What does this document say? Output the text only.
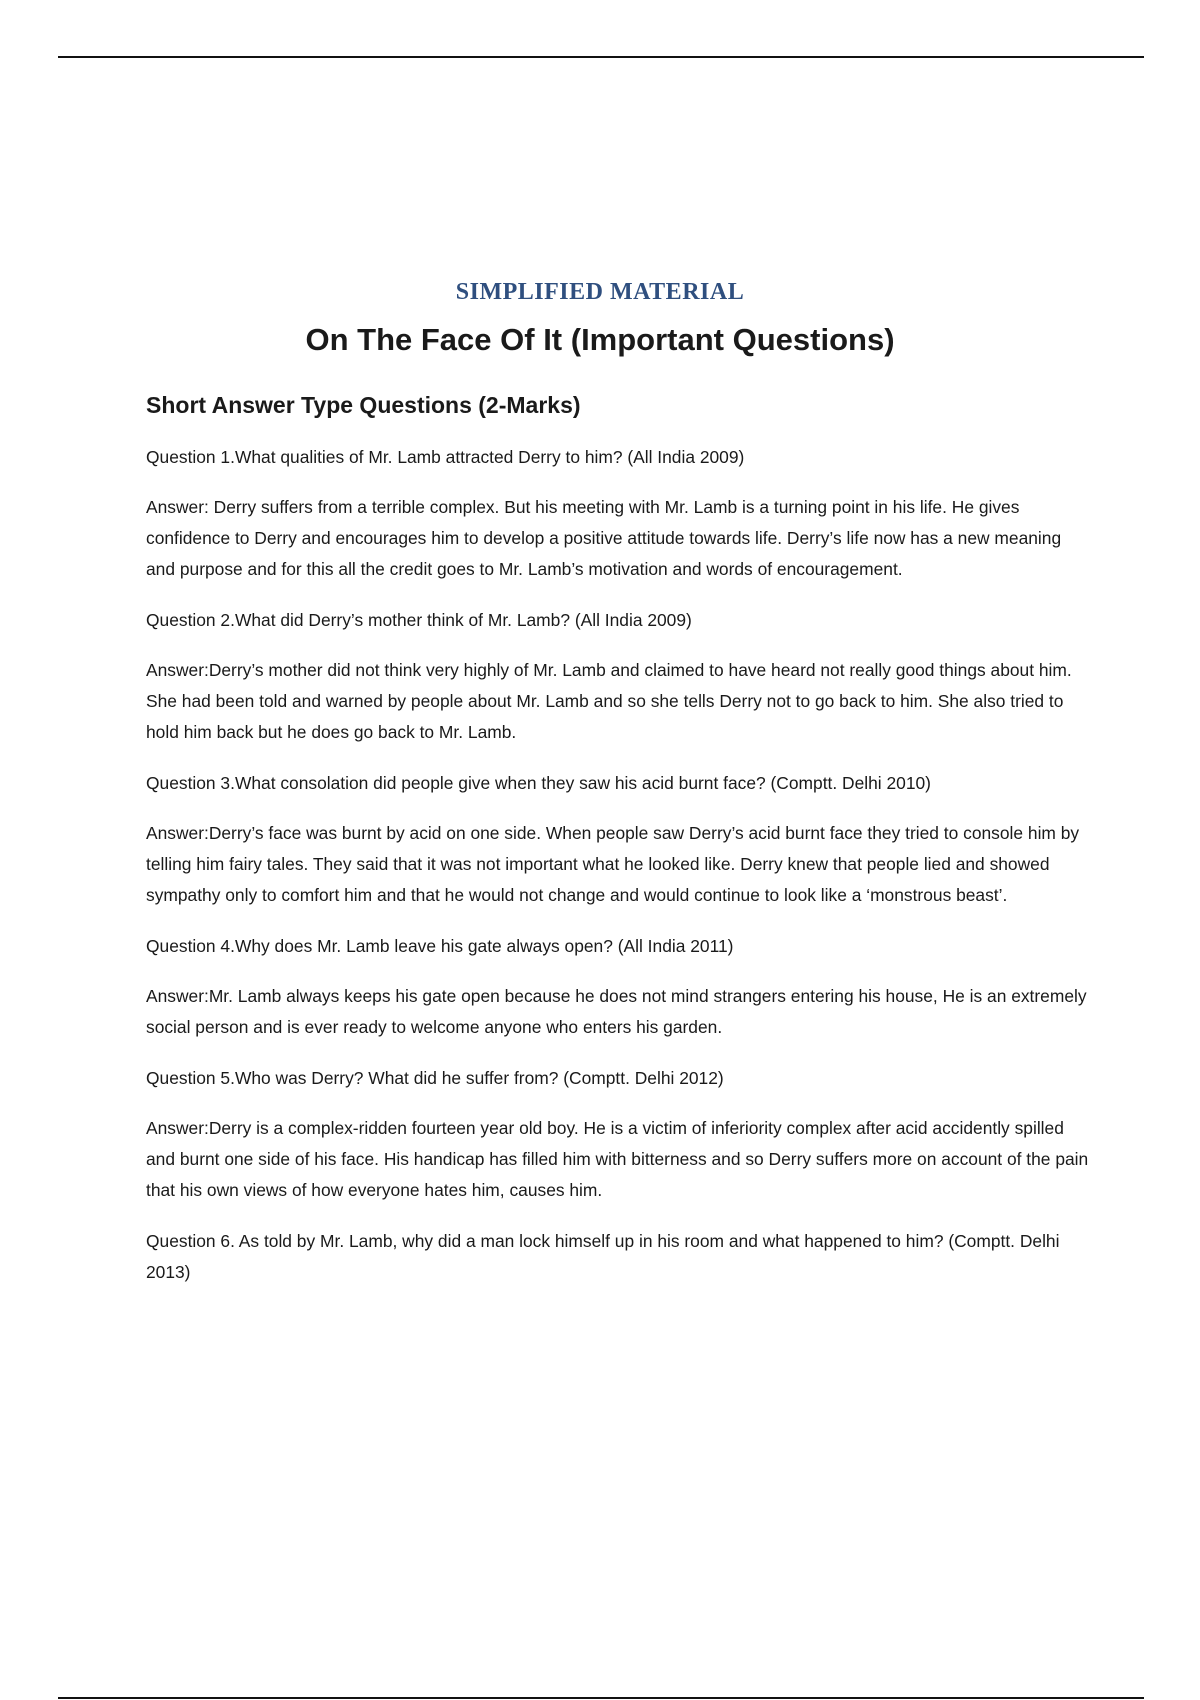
SIMPLIFIED MATERIAL

On The Face Of It (Important Questions)
Short Answer Type Questions (2-Marks)

Question 1.What qualities of Mr. Lamb attracted Derry to him? (All India 2009)

Answer: Derry suffers from a terrible complex. But his meeting with Mr. Lamb is a turning point in his life. He gives confidence to Derry and encourages him to develop a positive attitude towards life. Derry’s life now has a new meaning and purpose and for this all the credit goes to Mr. Lamb’s motivation and words of encouragement.

Question 2.What did Derry’s mother think of Mr. Lamb? (All India 2009)

Answer:Derry’s mother did not think very highly of Mr. Lamb and claimed to have heard not really good things about him. She had been told and warned by people about Mr. Lamb and so she tells Derry not to go back to him. She also tried to hold him back but he does go back to Mr. Lamb.

Question 3.What consolation did people give when they saw his acid burnt face? (Comptt. Delhi 2010)

Answer:Derry’s face was burnt by acid on one side. When people saw Derry’s acid burnt face they tried to console him by telling him fairy tales. They said that it was not important what he looked like. Derry knew that people lied and showed sympathy only to comfort him and that he would not change and would continue to look like a ‘monstrous beast’.

Question 4.Why does Mr. Lamb leave his gate always open? (All India 2011)

Answer:Mr. Lamb always keeps his gate open because he does not mind strangers entering his house, He is an extremely social person and is ever ready to welcome anyone who enters his garden.

Question 5.Who was Derry? What did he suffer from? (Comptt. Delhi 2012)

Answer:Derry is a complex-ridden fourteen year old boy. He is a victim of inferiority complex after acid accidently spilled and burnt one side of his face. His handicap has filled him with bitterness and so Derry suffers more on account of the pain that his own views of how everyone hates him, causes him.

Question 6. As told by Mr. Lamb, why did a man lock himself up in his room and what happened to him? (Comptt. Delhi 2013)
